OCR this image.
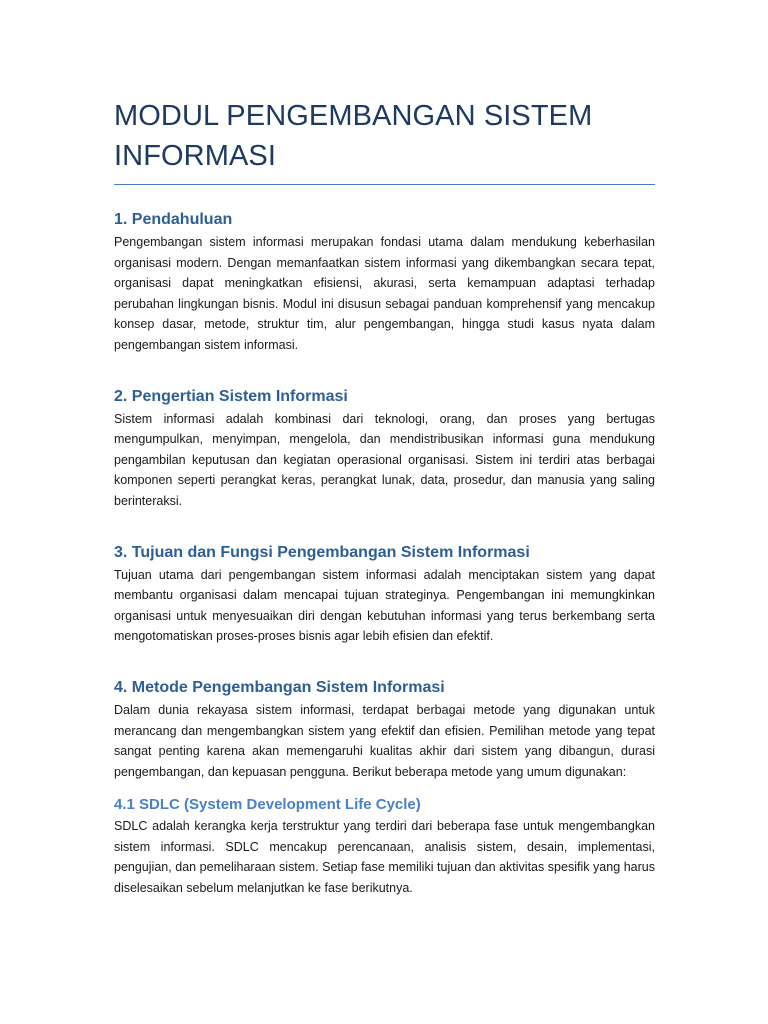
MODUL PENGEMBANGAN SISTEM INFORMASI
1. Pendahuluan

Pengembangan sistem informasi merupakan fondasi utama dalam mendukung keberhasilan organisasi modern. Dengan memanfaatkan sistem informasi yang dikembangkan secara tepat, organisasi dapat meningkatkan efisiensi, akurasi, serta kemampuan adaptasi terhadap perubahan lingkungan bisnis. Modul ini disusun sebagai panduan komprehensif yang mencakup konsep dasar, metode, struktur tim, alur pengembangan, hingga studi kasus nyata dalam pengembangan sistem informasi.

2. Pengertian Sistem Informasi

Sistem informasi adalah kombinasi dari teknologi, orang, dan proses yang bertugas mengumpulkan, menyimpan, mengelola, dan mendistribusikan informasi guna mendukung pengambilan keputusan dan kegiatan operasional organisasi. Sistem ini terdiri atas berbagai komponen seperti perangkat keras, perangkat lunak, data, prosedur, dan manusia yang saling berinteraksi.

3. Tujuan dan Fungsi Pengembangan Sistem Informasi

Tujuan utama dari pengembangan sistem informasi adalah menciptakan sistem yang dapat membantu organisasi dalam mencapai tujuan strateginya. Pengembangan ini memungkinkan organisasi untuk menyesuaikan diri dengan kebutuhan informasi yang terus berkembang serta mengotomatiskan proses-proses bisnis agar lebih efisien dan efektif.

4. Metode Pengembangan Sistem Informasi

Dalam dunia rekayasa sistem informasi, terdapat berbagai metode yang digunakan untuk merancang dan mengembangkan sistem yang efektif dan efisien. Pemilihan metode yang tepat sangat penting karena akan memengaruhi kualitas akhir dari sistem yang dibangun, durasi pengembangan, dan kepuasan pengguna. Berikut beberapa metode yang umum digunakan:

4.1 SDLC (System Development Life Cycle)

SDLC adalah kerangka kerja terstruktur yang terdiri dari beberapa fase untuk mengembangkan sistem informasi. SDLC mencakup perencanaan, analisis sistem, desain, implementasi, pengujian, dan pemeliharaan sistem. Setiap fase memiliki tujuan dan aktivitas spesifik yang harus diselesaikan sebelum melanjutkan ke fase berikutnya.
